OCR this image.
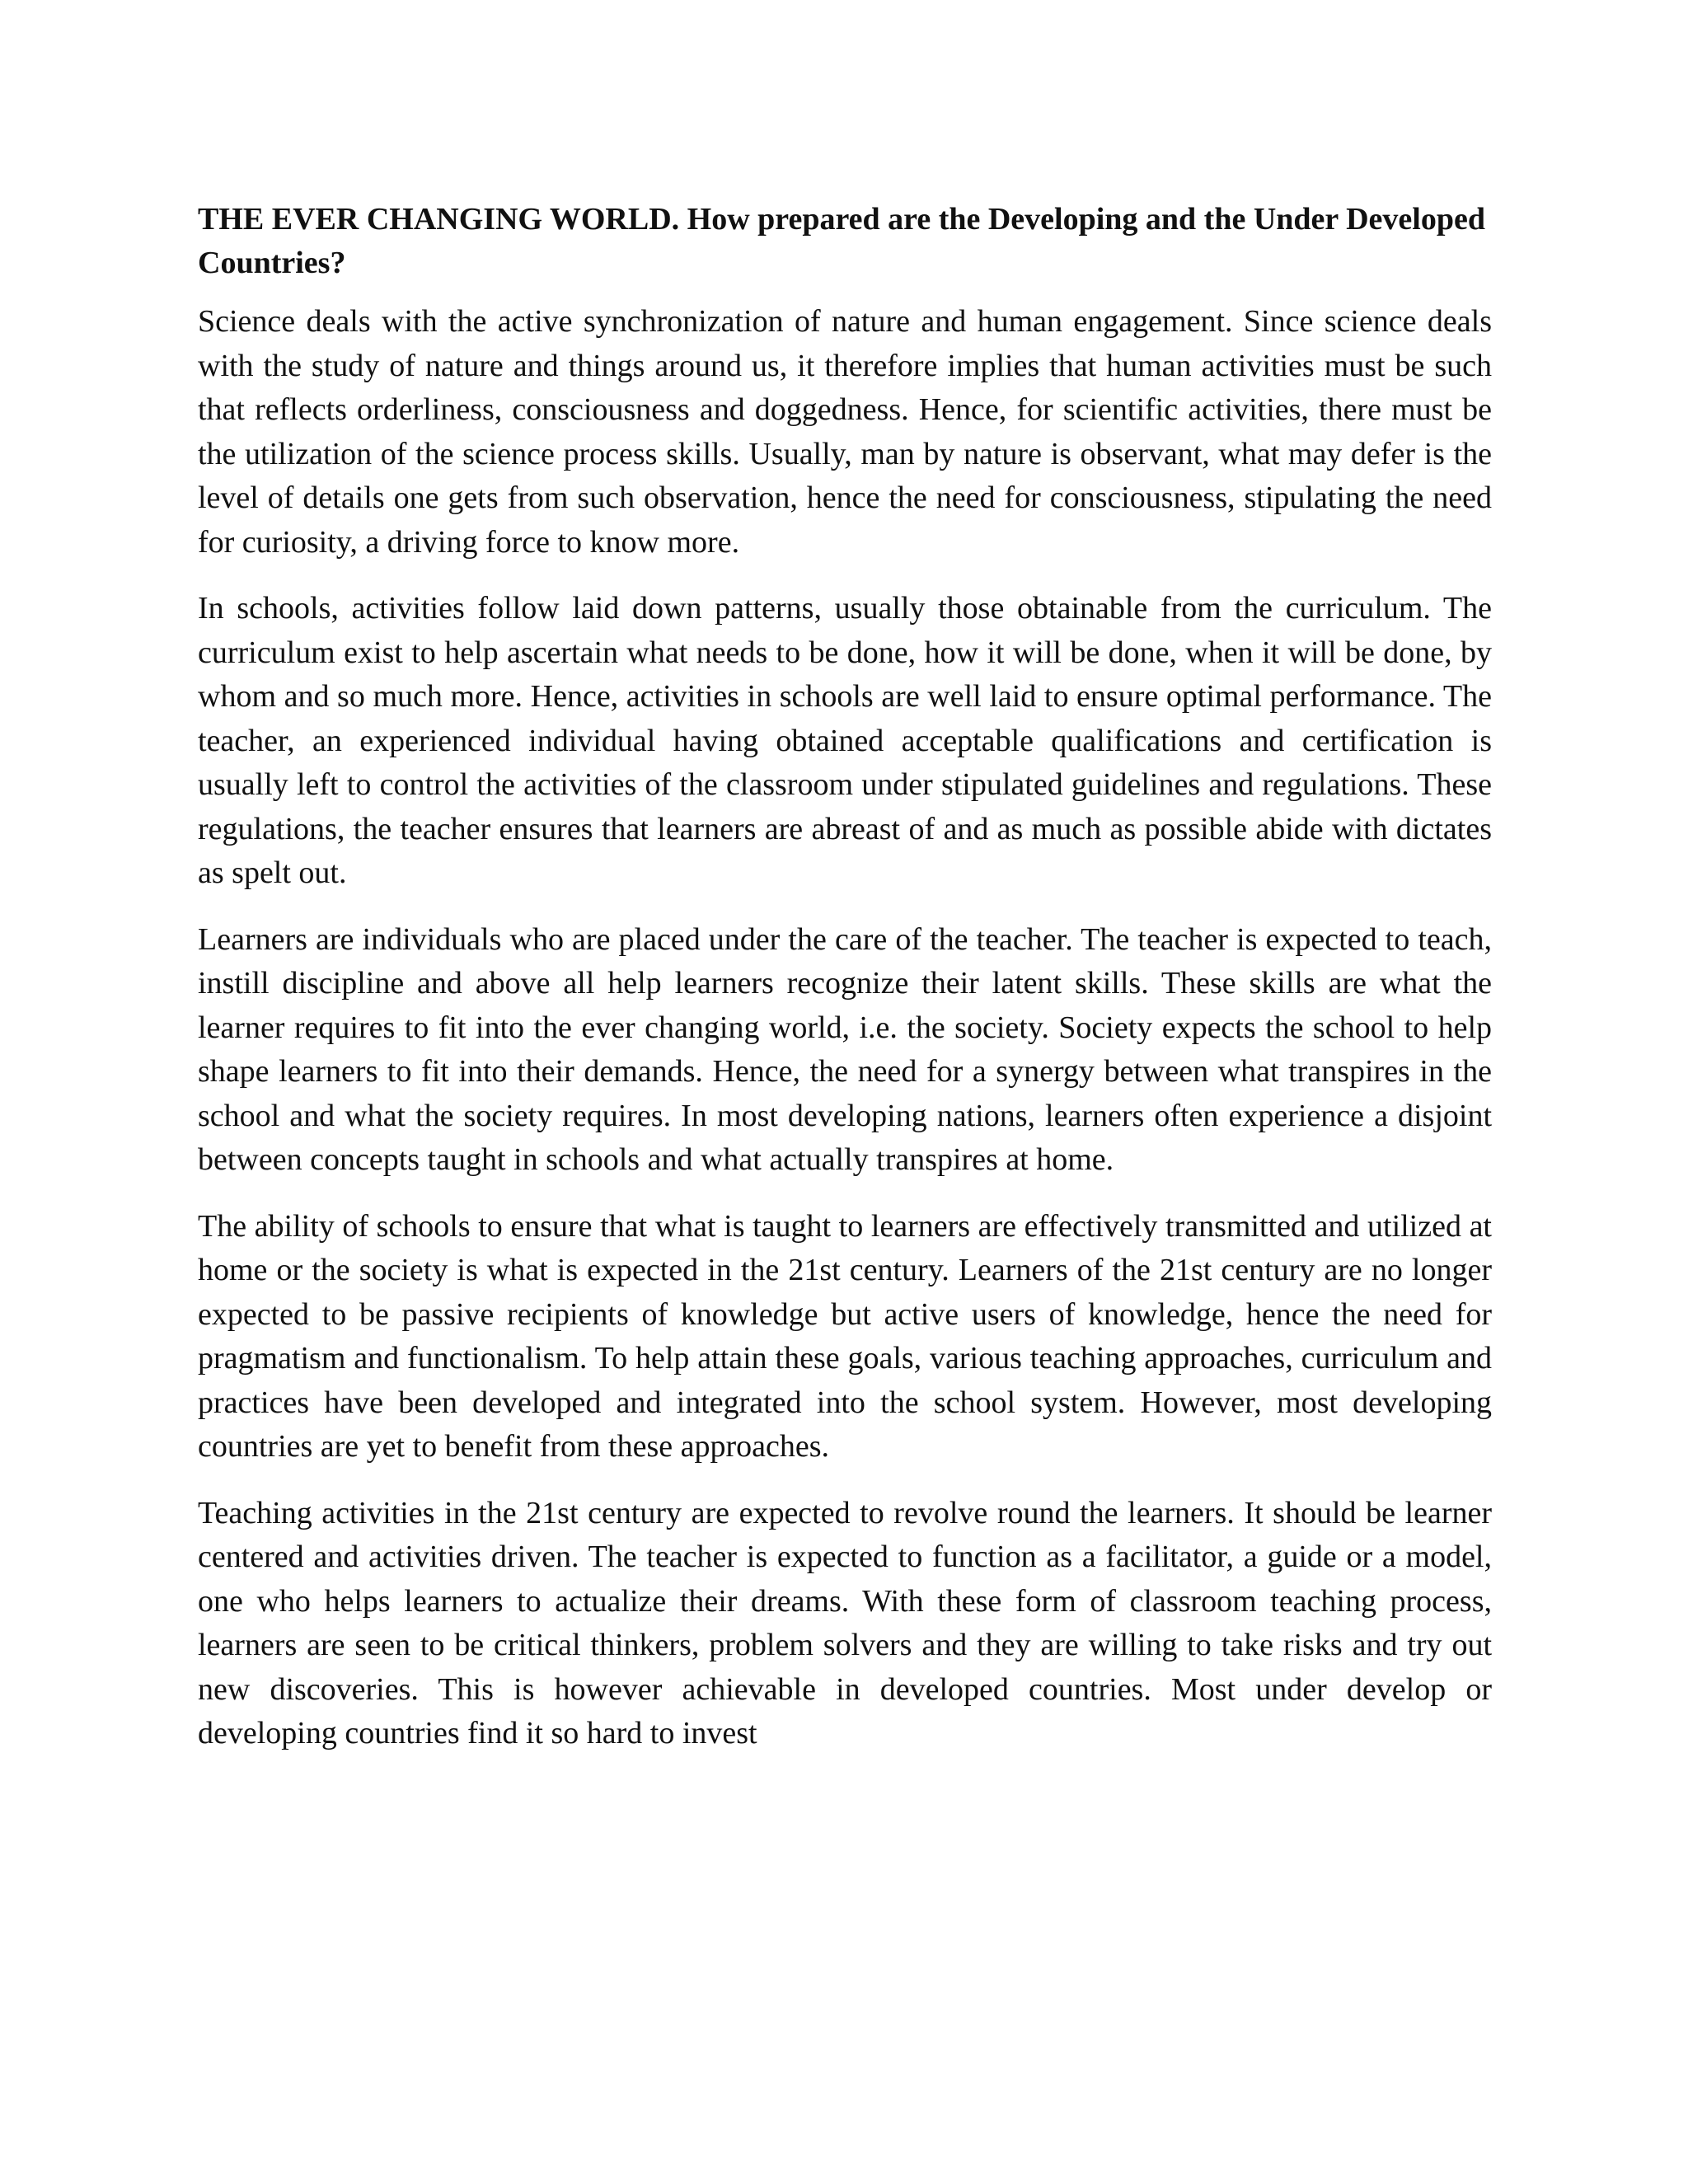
THE EVER CHANGING WORLD. How prepared are the Developing and the Under Developed Countries?

Science deals with the active synchronization of nature and human engagement. Since science deals with the study of nature and things around us, it therefore implies that human activities must be such that reflects orderliness, consciousness and doggedness. Hence, for scientific activities, there must be the utilization of the science process skills. Usually, man by nature is observant, what may defer is the level of details one gets from such observation, hence the need for consciousness, stipulating the need for curiosity, a driving force to know more.

In schools, activities follow laid down patterns, usually those obtainable from the curriculum. The curriculum exist to help ascertain what needs to be done, how it will be done, when it will be done, by whom and so much more. Hence, activities in schools are well laid to ensure optimal performance. The teacher, an experienced individual having obtained acceptable qualifications and certification is usually left to control the activities of the classroom under stipulated guidelines and regulations. These regulations, the teacher ensures that learners are abreast of and as much as possible abide with dictates as spelt out.

Learners are individuals who are placed under the care of the teacher. The teacher is expected to teach, instill discipline and above all help learners recognize their latent skills. These skills are what the learner requires to fit into the ever changing world, i.e. the society. Society expects the school to help shape learners to fit into their demands. Hence, the need for a synergy between what transpires in the school and what the society requires. In most developing nations, learners often experience a disjoint between concepts taught in schools and what actually transpires at home.

The ability of schools to ensure that what is taught to learners are effectively transmitted and utilized at home or the society is what is expected in the 21st century. Learners of the 21st century are no longer expected to be passive recipients of knowledge but active users of knowledge, hence the need for pragmatism and functionalism. To help attain these goals, various teaching approaches, curriculum and practices have been developed and integrated into the school system. However, most developing countries are yet to benefit from these approaches.

Teaching activities in the 21st century are expected to revolve round the learners. It should be learner centered and activities driven. The teacher is expected to function as a facilitator, a guide or a model, one who helps learners to actualize their dreams. With these form of classroom teaching process, learners are seen to be critical thinkers, problem solvers and they are willing to take risks and try out new discoveries. This is however achievable in developed countries. Most under develop or developing countries find it so hard to invest
